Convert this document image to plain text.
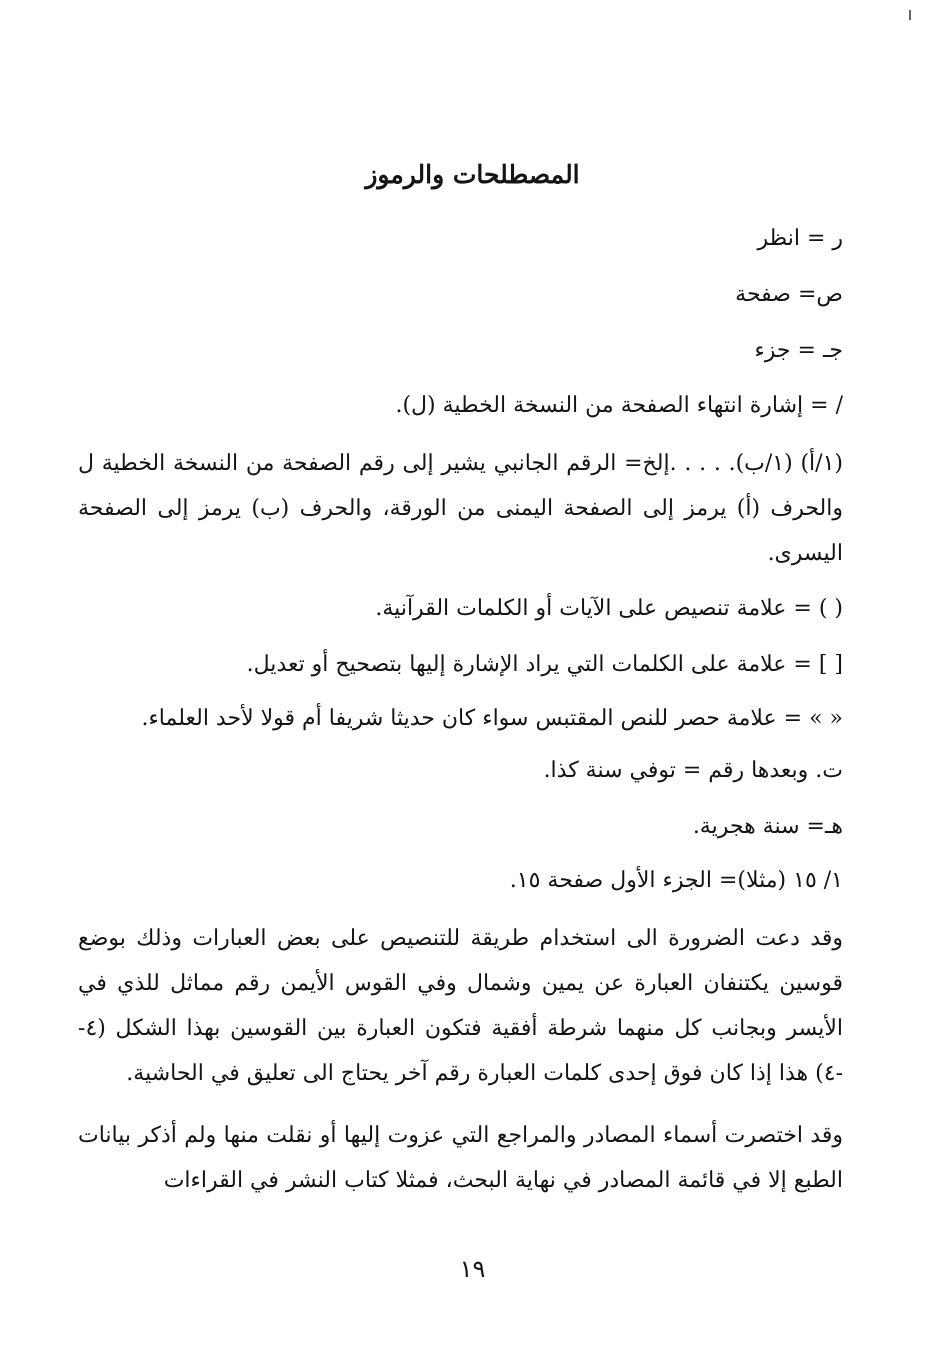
المصطلحات والرموز
ر = انظر
ص= صفحة
جـ = جزء
/ = إشارة انتهاء الصفحة من النسخة الخطية (ل).
(١/أ) (١/ب). . . . .إلخ= الرقم الجانبي يشير إلى رقم الصفحة من النسخة الخطية ل والحرف (أ) يرمز إلى الصفحة اليمنى من الورقة، والحرف (ب) يرمز إلى الصفحة اليسرى.
( ) = علامة تنصيص على الآيات أو الكلمات القرآنية.
[ ] = علامة على الكلمات التي يراد الإشارة إليها بتصحيح أو تعديل.
« » = علامة حصر للنص المقتبس سواء كان حديثا شريفا أم قولا لأحد العلماء.
ت. وبعدها رقم = توفي سنة كذا.
هـ= سنة هجرية.
١/ ١٥ (مثلا)= الجزء الأول صفحة ١٥.
وقد دعت الضرورة الى استخدام طريقة للتنصيص على بعض العبارات وذلك بوضع قوسين يكتنفان العبارة عن يمين وشمال وفي القوس الأيمن رقم مماثل للذي في الأيسر وبجانب كل منهما شرطة أفقية فتكون العبارة بين القوسين بهذا الشكل (٤- -٤) هذا إذا كان فوق إحدى كلمات العبارة رقم آخر يحتاج الى تعليق في الحاشية.
وقد اختصرت أسماء المصادر والمراجع التي عزوت إليها أو نقلت منها ولم أذكر بيانات الطبع إلا في قائمة المصادر في نهاية البحث، فمثلا كتاب النشر في القراءات
١٩
